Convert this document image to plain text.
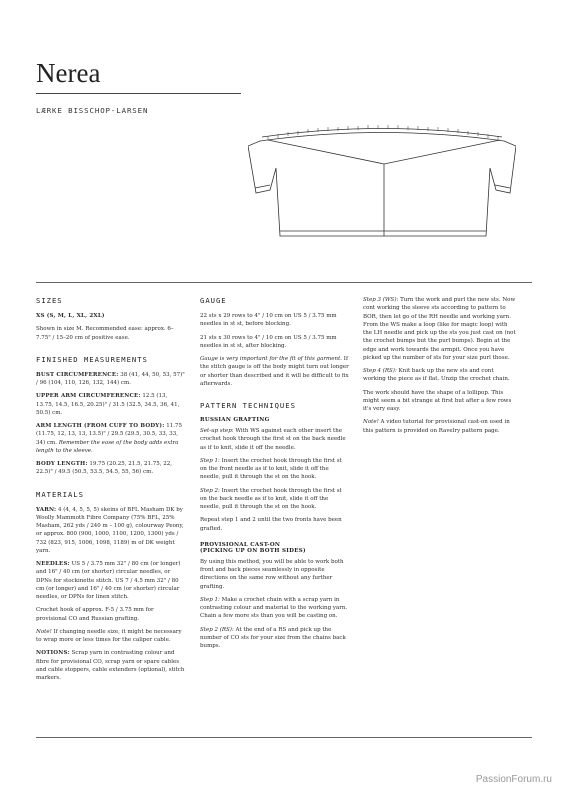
Nerea
LÆRKE BISSCHOP-LARSEN
SIZES

XS (S, M, L, XL, 2XL)

Shown in size M. Recommended ease: approx. 6–7.75" / 15–20 cm of positive ease.

FINISHED MEASUREMENTS

BUST CIRCUMFERENCE: 38 (41, 44, 50, 53, 57)" / 96 (104, 110, 126, 132, 144) cm.

UPPER ARM CIRCUMFERENCE: 12.5 (13, 13.75, 14.5, 16.5, 20.25)" / 31.5 (32.5, 34.5, 36, 41, 50.5) cm.

ARM LENGTH (FROM CUFF TO BODY): 11.75 (11.75, 12, 13, 13, 13.5)" / 29.5 (29.5, 30.5, 33, 33, 34) cm. Remember the ease of the body adds extra length to the sleeve.

BODY LENGTH: 19.75 (20.25, 21.5, 21.75, 22, 22.5)" / 49.5 (50.5, 53.5, 54.5, 55, 56) cm.

MATERIALS

YARN: 4 (4, 4, 5, 5, 5) skeins of BFL Masham DK by Woolly Mammoth Fibre Company (75% BFL, 25% Masham, 262 yds / 240 m – 100 g), colourway Peony, or approx. 800 (900, 1000, 1100, 1200, 1300) yds / 732 (823, 915, 1006, 1098, 1189) m of DK weight yarn.

NEEDLES: US 5 / 3.75 mm 32" / 80 cm (or longer) and 16" / 40 cm (or shorter) circular needles, or DPNs for stockinette stitch. US 7 / 4.5 mm 32" / 80 cm (or longer) and 16" / 40 cm (or shorter) circular needles, or DPNs for linen stitch.

Crochet hook of approx. F-5 / 3.75 mm for provisional CO and Russian grafting.

Note! If changing needle size, it might be necessary to wrap more or less times for the caliper cable.

NOTIONS: Scrap yarn in contrasting colour and fibre for provisional CO, scrap yarn or spare cables and cable stoppers, cable extenders (optional), stitch markers.

GAUGE

22 sts x 29 rows to 4" / 10 cm on US 5 / 3.75 mm needles in st st, before blocking.

21 sts x 30 rows to 4" / 10 cm on US 5 / 3.75 mm needles in st st, after blocking.

Gauge is very important for the fit of this garment. If the stitch gauge is off the body might turn out longer or shorter than described and it will be difficult to fix afterwards.

PATTERN TECHNIQUES
RUSSIAN GRAFTING

Set-up step: With WS against each other insert the crochet hook through the first st on the back needle as if to knit, slide it off the needle.

Step 1: Insert the crochet hook through the first st on the front needle as if to knit, slide it off the needle, pull it through the st on the hook.

Step 2: Insert the crochet hook through the first st on the back needle as if to knit, slide it off the needle, pull it through the st on the hook.

Repeat step 1 and 2 until the two fronts have been grafted.

PROVISIONAL CAST-ON
(PICKING UP ON BOTH SIDES)

By using this method, you will be able to work both front and back pieces seamlessly in opposite directions on the same row without any further grafting.

Step 1: Make a crochet chain with a scrap yarn in contrasting colour and material to the working yarn. Chain a few more sts than you will be casting on.

Step 2 (RS): At the end of a RS and pick up the number of CO sts for your size from the chains back bumps.

Step 3 (WS): Turn the work and purl the new sts. Now cont working the sleeve sts according to pattern to BOR, then let go of the RH needle and working yarn. From the WS make a loop (like for magic loop) with the LH needle and pick up the sts you just cast on (not the crochet bumps but the purl bumps). Begin at the edge and work towards the armpit. Once you have picked up the number of sts for your size purl those.

Step 4 (RS): Knit back up the new sts and cont working the piece as if flat. Unzip the crochet chain.

The work should have the shape of a lollipop. This might seem a bit strange at first but after a few rows it's very easy.

Note! A video tutorial for provisional cast-on used in this pattern is provided on Ravelry pattern page.

PassionForum.ru
